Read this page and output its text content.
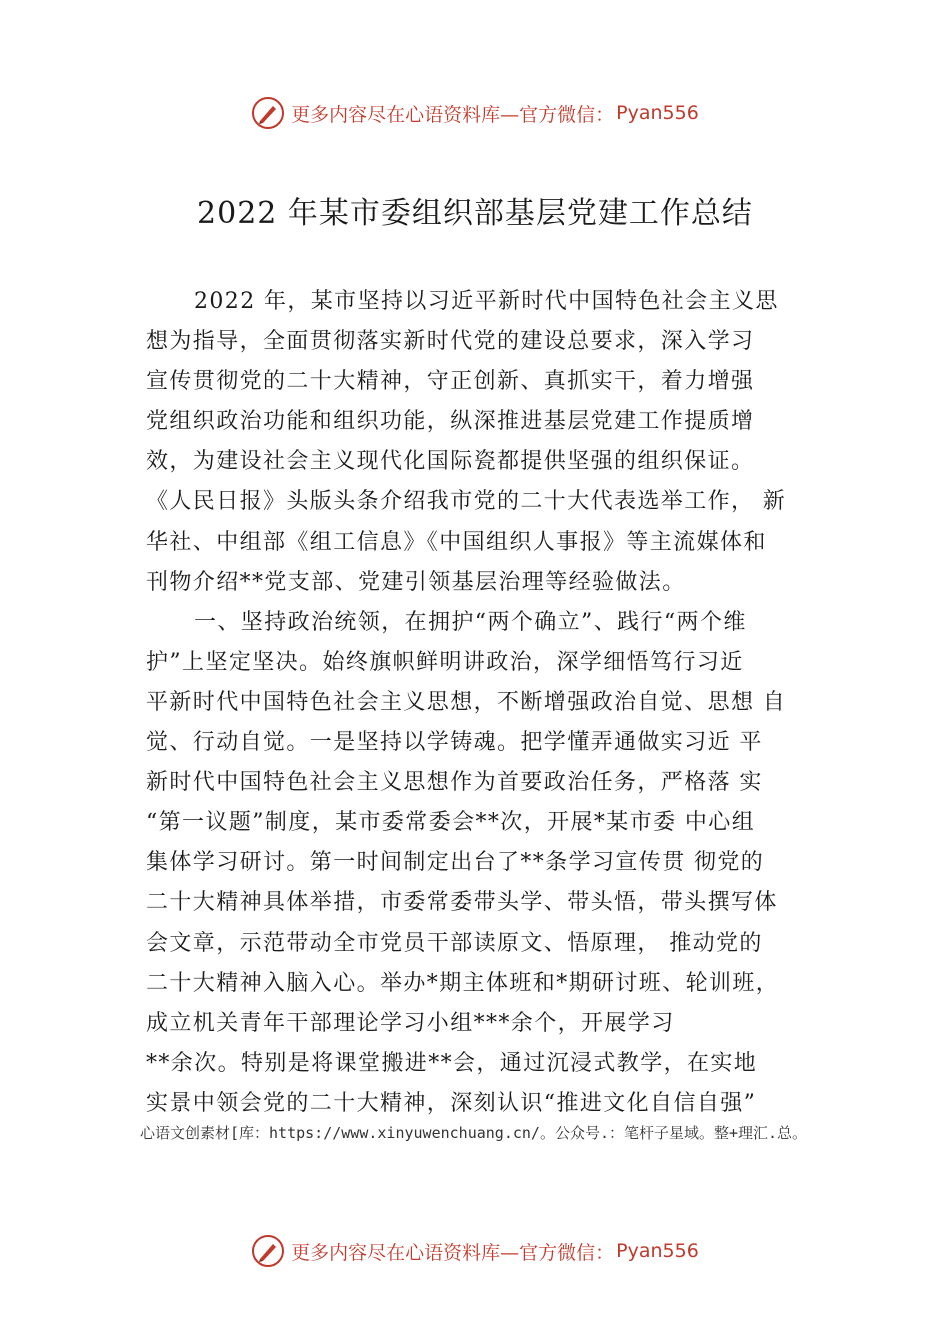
更多内容尽在心语资料库—官方微信： Pyan556
2022 年某市委组织部基层党建工作总结
2022 年，某市坚持以习近平新时代中国特色社会主义思
想为指导，全面贯彻落实新时代党的建设总要求，深入学习
宣传贯彻党的二十大精神，守正创新、真抓实干，着力增强
党组织政治功能和组织功能，纵深推进基层党建工作提质增
效，为建设社会主义现代化国际瓷都提供坚强的组织保证。
《人民日报》头版头条介绍我市党的二十大代表选举工作， 新
华社、中组部《组工信息》《中国组织人事报》等主流媒体和
刊物介绍**党支部、党建引领基层治理等经验做法。
一、坚持政治统领，在拥护“两个确立”、践行“两个维
护”上坚定坚决。始终旗帜鲜明讲政治，深学细悟笃行习近
平新时代中国特色社会主义思想，不断增强政治自觉、思想 自
觉、行动自觉。一是坚持以学铸魂。把学懂弄通做实习近 平
新时代中国特色社会主义思想作为首要政治任务，严格落 实
“第一议题”制度，某市委常委会**次，开展*某市委 中心组
集体学习研讨。第一时间制定出台了**条学习宣传贯 彻党的
二十大精神具体举措，市委常委带头学、带头悟，带头撰写体
会文章，示范带动全市党员干部读原文、悟原理， 推动党的
二十大精神入脑入心。举办*期主体班和*期研讨班、轮训班，
成立机关青年干部理论学习小组***余个，开展学习
**余次。特别是将课堂搬进**会，通过沉浸式教学，在实地
实景中领会党的二十大精神，深刻认识“推进文化自信自强”
心语文创素材[库：https://www.xinyuwenchuang.cn/。公众号.：笔杆子星域。整+理汇.总。
更多内容尽在心语资料库—官方微信： Pyan556
